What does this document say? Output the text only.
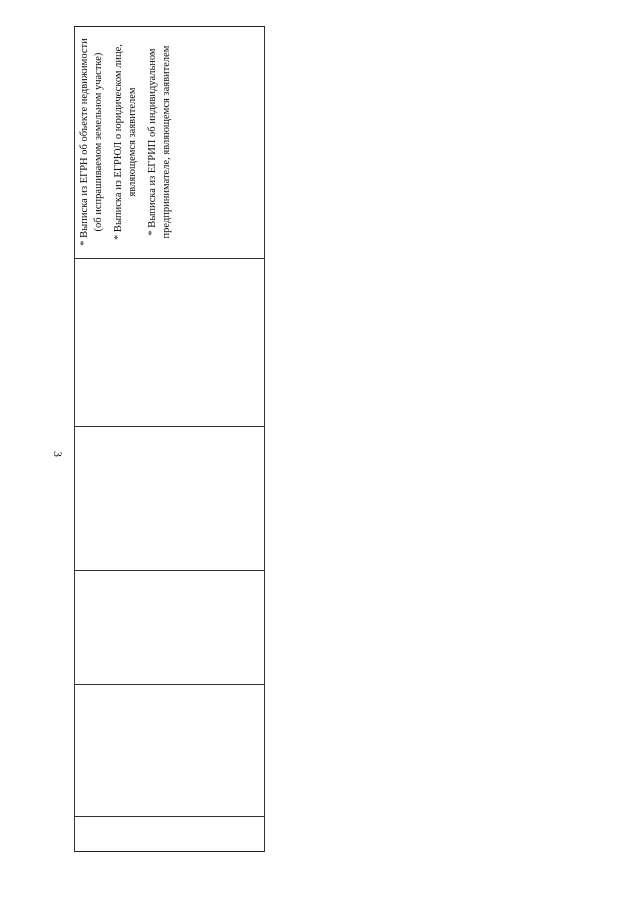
3
* Выписка из ЕГРН об объекте недвижимости (об испрашиваемом земельном участке) * Выписка из ЕГРЮЛ о юридическом лице, являющемся заявителем * Выписка из ЕГРИП об индивидуальном предпринимателе, являющемся заявителем
